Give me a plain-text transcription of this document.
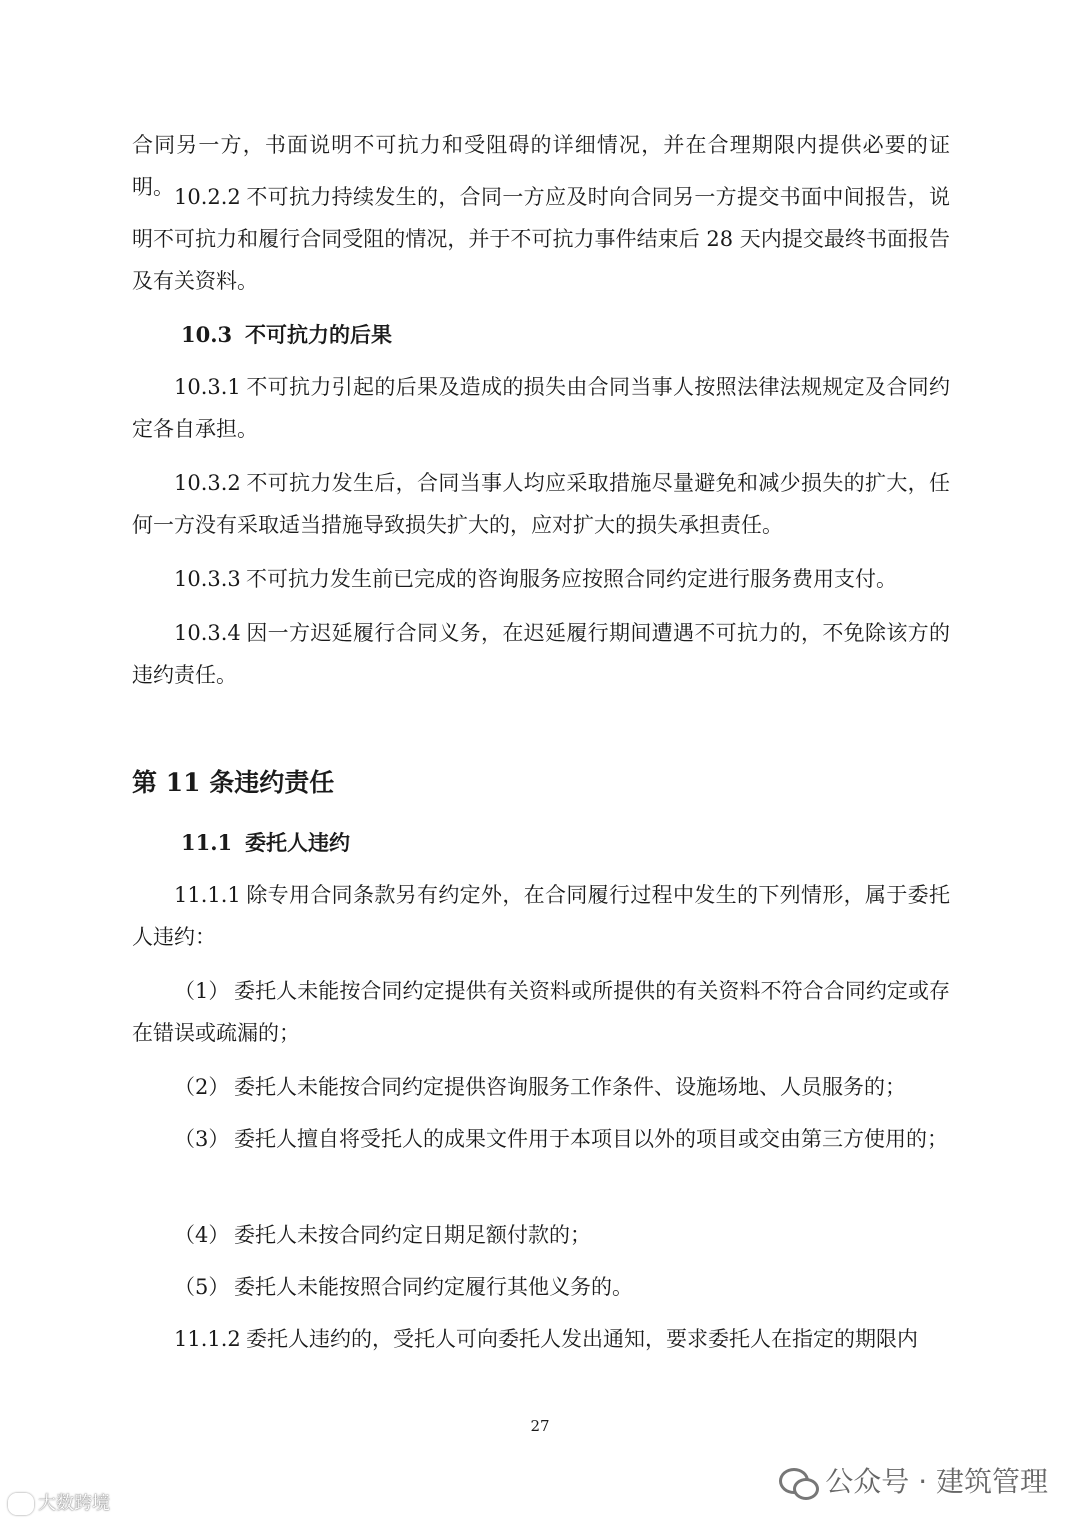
合同另一方，书面说明不可抗力和受阻碍的详细情况，并在合理期限内提供必要的证明。 10.2.2 不可抗力持续发生的，合同一方应及时向合同另一方提交书面中间报告，说明不可抗力和履行合同受阻的情况，并于不可抗力事件结束后 28 天内提交最终书面报告及有关资料。

10.3 不可抗力的后果

10.3.1 不可抗力引起的后果及造成的损失由合同当事人按照法律法规规定及合同约定各自承担。

10.3.2 不可抗力发生后，合同当事人均应采取措施尽量避免和减少损失的扩大，任何一方没有采取适当措施导致损失扩大的，应对扩大的损失承担责任。

10.3.3 不可抗力发生前已完成的咨询服务应按照合同约定进行服务费用支付。

10.3.4 因一方迟延履行合同义务，在迟延履行期间遭遇不可抗力的，不免除该方的违约责任。

第 11 条违约责任
11.1 委托人违约

11.1.1 除专用合同条款另有约定外，在合同履行过程中发生的下列情形，属于委托人违约：

（1） 委托人未能按合同约定提供有关资料或所提供的有关资料不符合合同约定或存在错误或疏漏的；

（2） 委托人未能按合同约定提供咨询服务工作条件、设施场地、人员服务的；

（3） 委托人擅自将受托人的成果文件用于本项目以外的项目或交由第三方使用的；

（4） 委托人未按合同约定日期足额付款的；

（5） 委托人未能按照合同约定履行其他义务的。

11.1.2 委托人违约的，受托人可向委托人发出通知，要求委托人在指定的期限内

27
大数跨境
公众号 · 建筑管理
